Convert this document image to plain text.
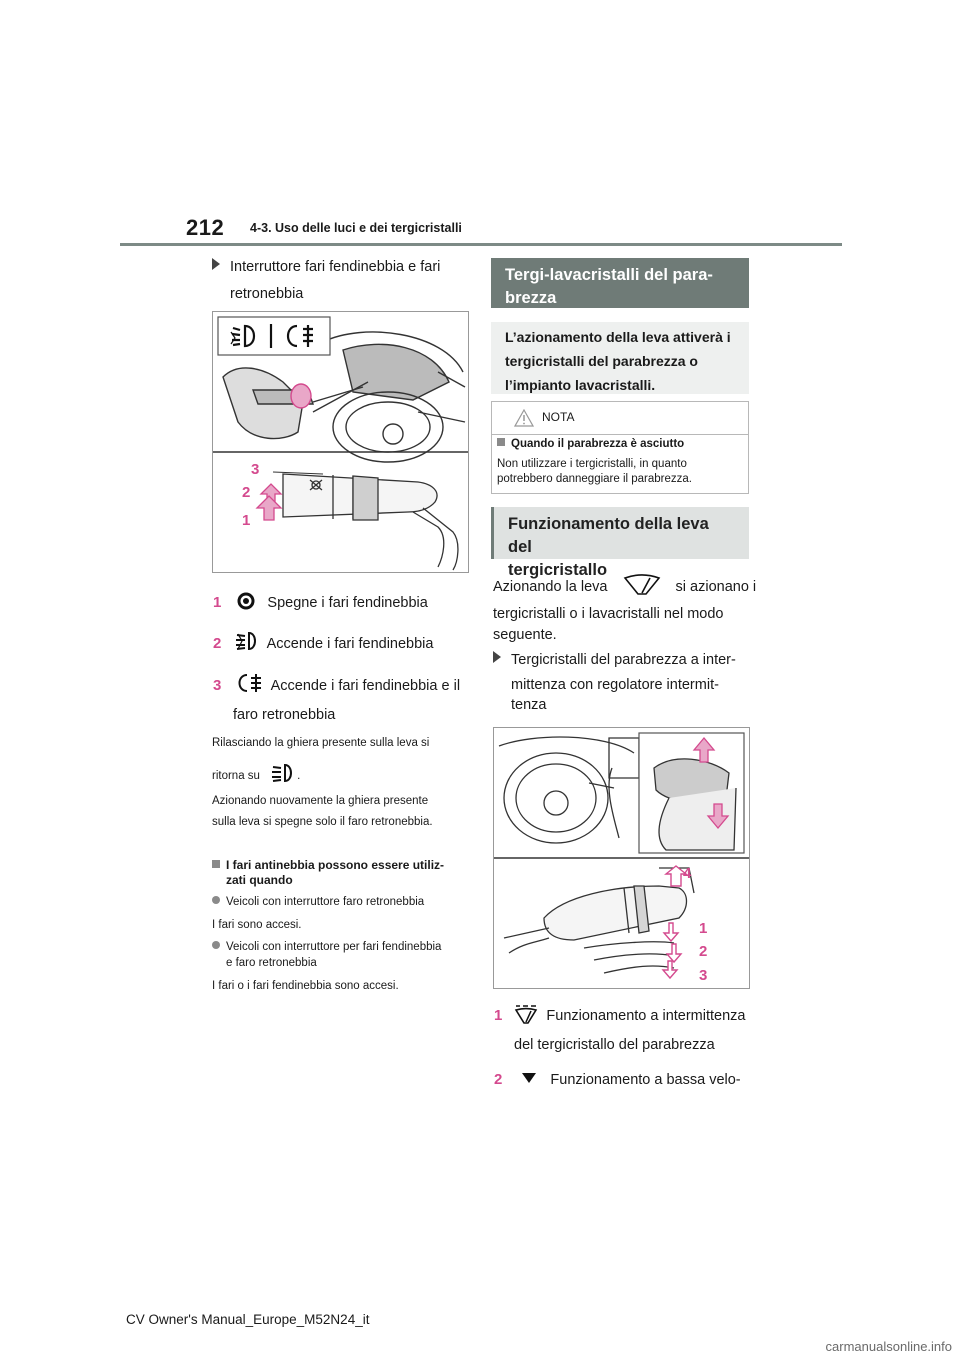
212 4-3. Uso delle luci e dei tergicristalli
Interruttore fari fendinebbia e fari
retronebbia
3
2
1
1	Spegne i fari fendinebbia
2	Accende i fari fendinebbia
3	Accende i fari fendinebbia e il
faro retronebbia
Rilasciando la ghiera presente sulla leva si
ritorna su	.
Azionando nuovamente la ghiera presente
sulla leva si spegne solo il faro retronebbia.
I fari antinebbia possono essere utiliz-
zati quando
Veicoli con interruttore faro retronebbia
I fari sono accesi.
Veicoli con interruttore per fari fendinebbia
e faro retronebbia
I fari o i fari fendinebbia sono accesi.
Tergi-lavacristalli del para-
brezza
L’azionamento della leva attiverà i
tergicristalli del parabrezza o
l’impianto lavacristalli.
NOTA
Quando il parabrezza è asciutto
Non utilizzare i tergicristalli, in quanto
potrebbero danneggiare il parabrezza.
Funzionamento della leva del
tergicristallo
Azionando la leva	si azionano i
tergicristalli o i lavacristalli nel modo
seguente.
Tergicristalli del parabrezza a inter-
mittenza con regolatore intermit-
tenza
4
1
2
3
1	Funzionamento a intermittenza
del tergicristallo del parabrezza
2	Funzionamento a bassa velo-
CV Owner's Manual_Europe_M52N24_it
carmanualsonline.info
